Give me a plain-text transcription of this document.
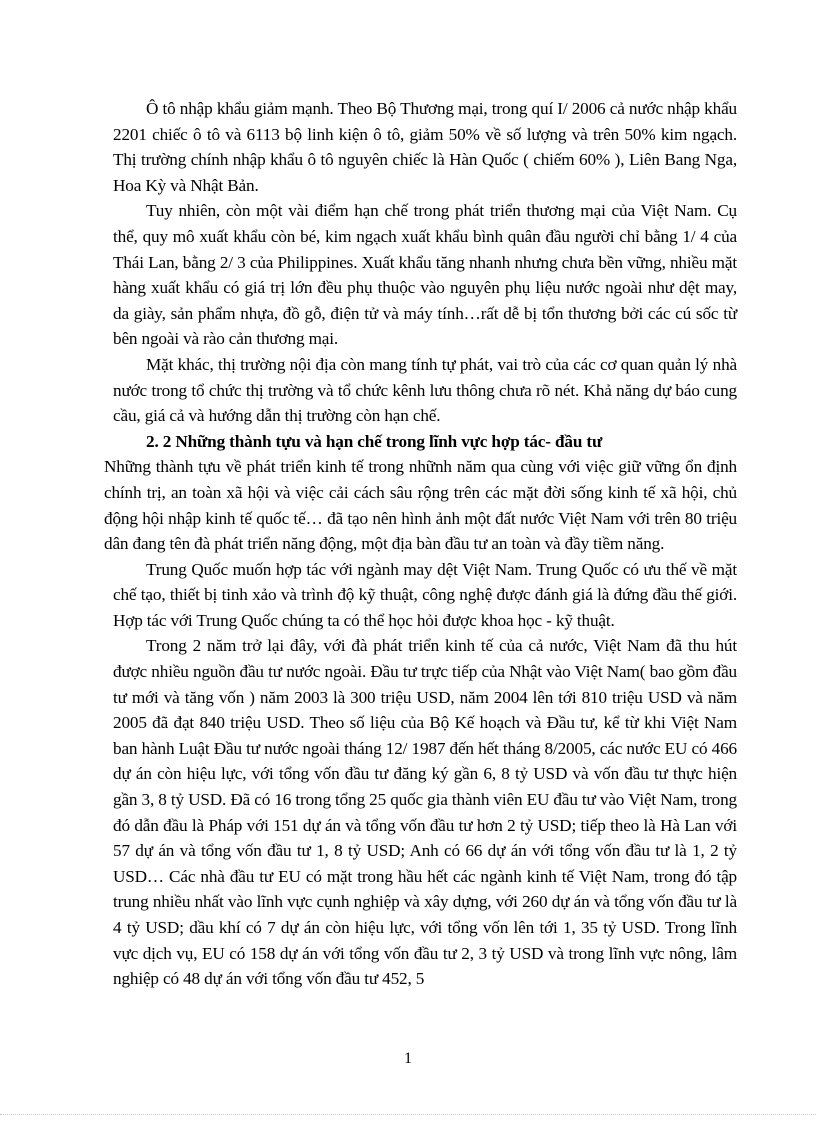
Ô tô nhập khẩu giảm mạnh. Theo Bộ Thương mại, trong quí I/ 2006 cả nước nhập khẩu 2201 chiếc ô tô và 6113 bộ linh kiện ô tô, giảm 50% về số lượng và trên 50% kim ngạch. Thị trường chính nhập khẩu ô tô nguyên chiếc là Hàn Quốc ( chiếm 60% ), Liên Bang Nga, Hoa Kỳ và Nhật Bản.

Tuy nhiên, còn một vài điểm hạn chế trong phát triển thương mại của Việt Nam. Cụ thể, quy mô xuất khẩu còn bé, kim ngạch xuất khẩu bình quân đầu người chỉ bằng 1/ 4 của Thái Lan, bằng 2/ 3 của Philippines. Xuất khẩu tăng nhanh nhưng chưa bền vững, nhiều mặt hàng xuất khẩu có giá trị lớn đều phụ thuộc vào nguyên phụ liệu nước ngoài như dệt may, da giày, sản phẩm nhựa, đồ gỗ, điện tử và máy tính…rất dễ bị tổn thương bởi các cú sốc từ bên ngoài và rào cản thương mại.

Mặt khác, thị trường nội địa còn mang tính tự phát, vai trò của các cơ quan quản lý nhà nước trong tổ chức thị trường và tổ chức kênh lưu thông chưa rõ nét. Khả năng dự báo cung cầu, giá cả và hướng dẫn thị trường còn hạn chế.

2. 2 Những thành tựu và hạn chế trong lĩnh vực hợp tác- đầu tư

Những thành tựu về phát triển kinh tế trong nhữnh năm qua cùng với việc giữ vững ổn định chính trị, an toàn xã hội và việc cải cách sâu rộng trên các mặt đời sống kinh tế xã hội, chủ động hội nhập kinh tế quốc tế… đã tạo nên hình ảnh một đất nước Việt Nam với trên 80 triệu dân đang tên đà phát triển năng động, một địa bàn đầu tư an toàn và đầy tiềm năng.

Trung Quốc muốn hợp tác với ngành may dệt Việt Nam. Trung Quốc có ưu thế về mặt chế tạo, thiết bị tinh xảo và trình độ kỹ thuật, công nghệ được đánh giá là đứng đầu thế giới. Hợp tác với Trung Quốc chúng ta có thể học hỏi được khoa học - kỹ thuật.

Trong 2 năm trở lại đây, với đà phát triển kinh tế của cả nước, Việt Nam đã thu hút được nhiều nguồn đầu tư nước ngoài. Đầu tư trực tiếp của Nhật vào Việt Nam( bao gồm đầu tư mới và tăng vốn ) năm 2003 là 300 triệu USD, năm 2004 lên tới 810 triệu USD và năm 2005 đã đạt 840 triệu USD. Theo số liệu của Bộ Kế hoạch và Đầu tư, kể từ khi Việt Nam ban hành Luật Đầu tư nước ngoài tháng 12/ 1987 đến hết tháng 8/2005, các nước EU có 466 dự án còn hiệu lực, với tổng vốn đầu tư đăng ký gần 6, 8 tỷ USD và vốn đầu tư thực hiện gần 3, 8 tỷ USD. Đã có 16 trong tổng 25 quốc gia thành viên EU đầu tư vào Việt Nam, trong đó dẫn đầu là Pháp với 151 dự án và tổng vốn đầu tư hơn 2 tỷ USD; tiếp theo là Hà Lan với 57 dự án và tổng vốn đầu tư 1, 8 tỷ USD; Anh có 66 dự án với tổng vốn đầu tư là 1, 2 tỷ USD… Các nhà đầu tư EU có mặt trong hầu hết các ngành kinh tế Việt Nam, trong đó tập trung nhiều nhất vào lĩnh vực cụnh nghiệp và xây dựng, với 260 dự án và tổng vốn đầu tư là 4 tỷ USD; dầu khí có 7 dự án còn hiệu lực, với tổng vốn lên tới 1, 35 tỷ USD. Trong lĩnh vực dịch vụ, EU có 158 dự án với tổng vốn đầu tư 2, 3 tỷ USD và trong lĩnh vực nông, lâm nghiệp có 48 dự án với tổng vốn đầu tư 452, 5

1
